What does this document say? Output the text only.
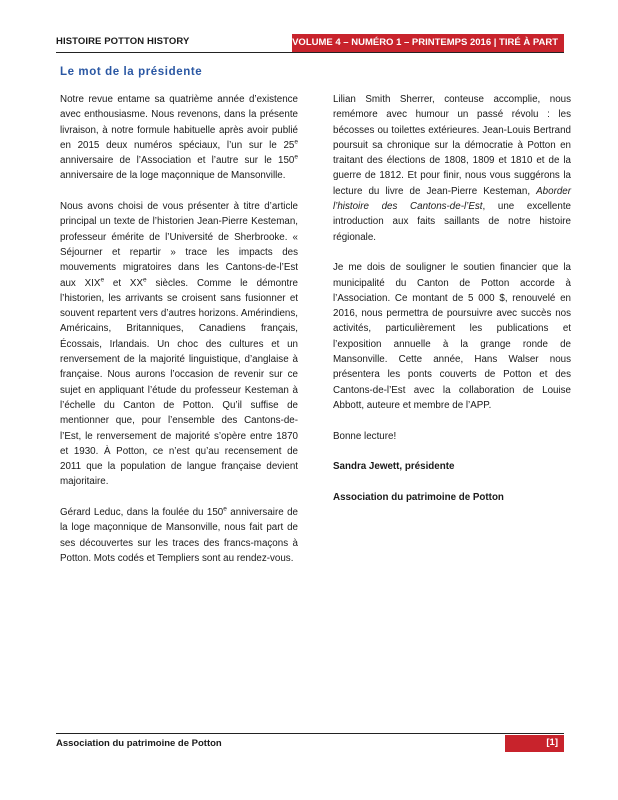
HISTOIRE POTTON HISTORY	VOLUME 4 – NUMÉRO 1 – PRINTEMPS 2016 | TIRÉ À PART
Le mot de la présidente

Notre revue entame sa quatrième année d’existence avec enthousiasme. Nous revenons, dans la présente livraison, à notre formule habituelle après avoir publié en 2015 deux numéros spéciaux, l’un sur le 25e anniversaire de l’Association et l’autre sur le 150e anniversaire de la loge maçonnique de Mansonville.

Nous avons choisi de vous présenter à titre d’article principal un texte de l’historien Jean-Pierre Kesteman, professeur émérite de l’Université de Sherbrooke. « Séjourner et repartir » trace les impacts des mouvements migratoires dans les Cantons-de-l’Est aux XIXe et XXe siècles. Comme le démontre l’historien, les arrivants se croisent sans fusionner et souvent repartent vers d’autres horizons. Amérindiens, Américains, Britanniques, Canadiens français, Écossais, Irlandais. Un choc des cultures et un renversement de la majorité linguistique, d’anglaise à française. Nous aurons l’occasion de revenir sur ce sujet en appliquant l’étude du professeur Kesteman à l’échelle du Canton de Potton. Qu’il suffise de mentionner que, pour l’ensemble des Cantons-de-l’Est, le renversement de majorité s’opère entre 1870 et 1930. À Potton, ce n’est qu’au recensement de 2011 que la population de langue française devient majoritaire.

Gérard Leduc, dans la foulée du 150e anniversaire de la loge maçonnique de Mansonville, nous fait part de ses découvertes sur les traces des francs-maçons à Potton. Mots codés et Templiers sont au rendez-vous.

Lilian Smith Sherrer, conteuse accomplie, nous remémore avec humour un passé révolu : les bécosses ou toilettes extérieures. Jean-Louis Bertrand poursuit sa chronique sur la démocratie à Potton en traitant des élections de 1808, 1809 et 1810 et de la guerre de 1812. Et pour finir, nous vous suggérons la lecture du livre de Jean-Pierre Kesteman, Aborder l’histoire des Cantons-de-l’Est, une excellente introduction aux faits saillants de notre histoire régionale.

Je me dois de souligner le soutien financier que la municipalité du Canton de Potton accorde à l’Association. Ce montant de 5 000 $, renouvelé en 2016, nous permettra de poursuivre avec succès nos activités, particulièrement les publications et l’exposition annuelle à la grange ronde de Mansonville. Cette année, Hans Walser nous présentera les ponts couverts de Potton et des Cantons-de-l’Est avec la collaboration de Louise Abbott, auteure et membre de l’APP.

Bonne lecture!

Sandra Jewett, présidente

Association du patrimoine de Potton

Association du patrimoine de Potton	[1]
